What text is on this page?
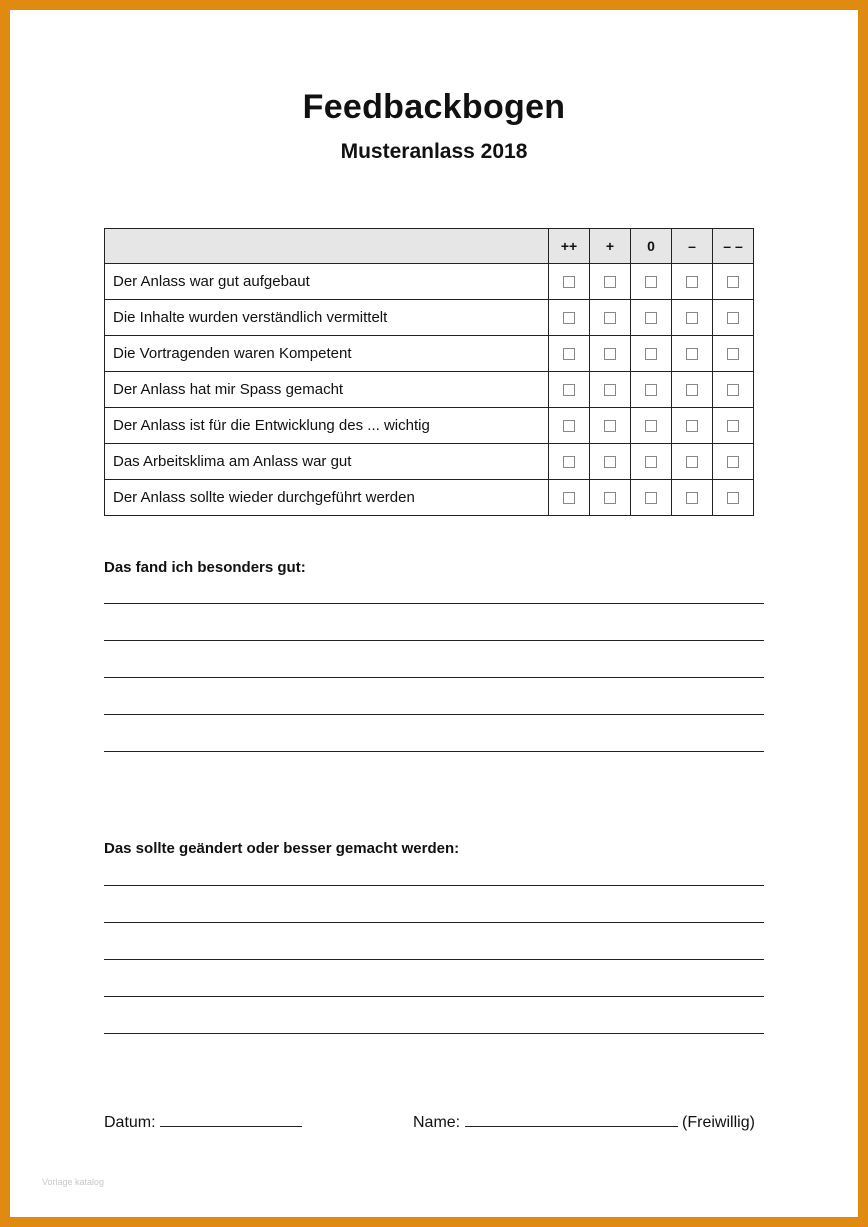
Feedbackbogen
Musteranlass 2018
	++	+	0	–	– –
Der Anlass war gut aufgebaut					
Die Inhalte wurden verständlich vermittelt					
Die Vortragenden waren Kompetent					
Der Anlass hat mir Spass gemacht					
Der Anlass ist für die Entwicklung des ... wichtig					
Das Arbeitsklima am Anlass war gut					
Der Anlass sollte wieder durchgeführt werden					
Das fand ich besonders gut:
Das sollte geändert oder besser gemacht werden:
Datum:	Name:	(Freiwillig)
Vorlage katalog
